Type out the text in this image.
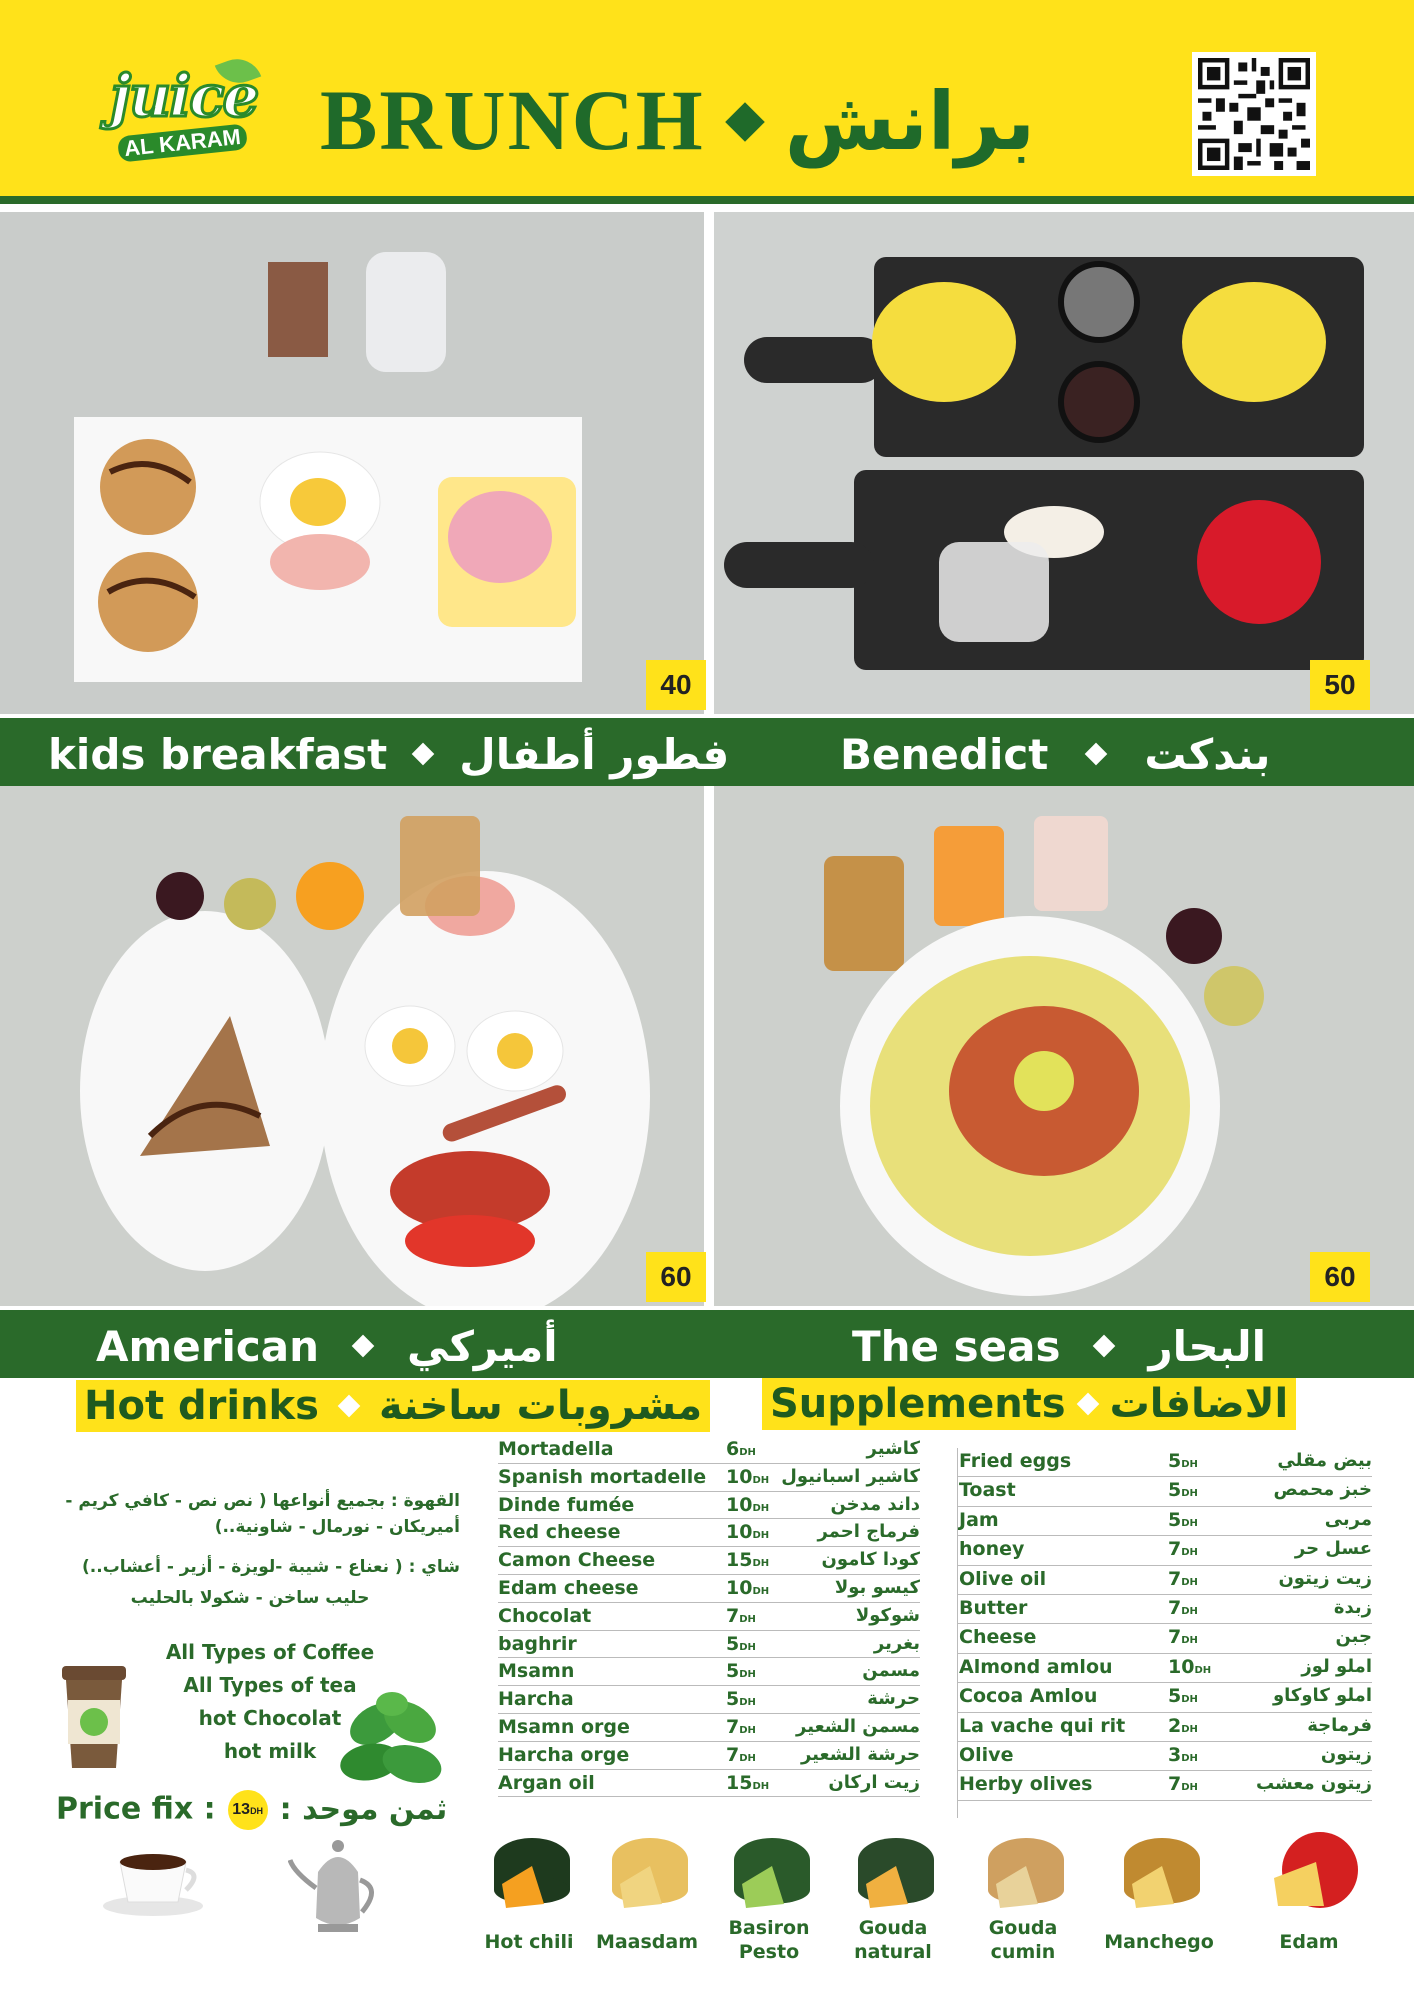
juice
AL KARAM BRUNCH برانش
40	50
kids breakfast فطور أطفال	Benedict بندكت
60	60
American أميركي	The seas البحار
Hot drinks مشروبات ساخنة Supplements الاضافات
القهوة : بجميع أنواعها ( نص نص - كافي كريم - أميريكان - نورمال - شاونية..)
شاي : ( نعناع - شيبة -لويزة - أزير - أعشاب..)
حليب ساخن - شكولا بالحليب
All Types of Coffee
All Types of tea
hot Chocolat
hot milk
Price fix : 13DH ثمن موحد :
Mortadella	6DH	كاشير
Spanish mortadelle 10DH كاشير اسبانيول
Dinde fumée	10DH	داند مدخن
Red cheese	10DH	فرماج احمر
Camon Cheese	15DH	كودا كامون
Edam cheese	10DH	كيسو بولا
Chocolat	7DH	شوكولا
baghrir	5DH	بغرير
Msamn	5DH	مسمن
Harcha	5DH	حرشة
Msamn orge	7DH مسمن الشعير
Harcha orge	7DH	حرشة الشعير
Argan oil	15DH	زيت اركان
Fried eggs	5DH	بيض مقلي
Toast	5DH	خبز محمص
Jam	5DH	مربى
honey	7DH	عسل حر
Olive oil	7DH	زيت زيتون
Butter	7DH	زبدة
Cheese	7DH	جبن
Almond amlou	10DH	املو لوز
Cocoa Amlou	5DH	املو كاوكاو
La vache qui rit 2DH	فرماجة
Olive	3DH	زيتون
Herby olives	7DH	زيتون معشب
Hot chili	Maasdam
Basiron
Pesto
Gouda
natural
Gouda
cumin	Manchego	Edam
